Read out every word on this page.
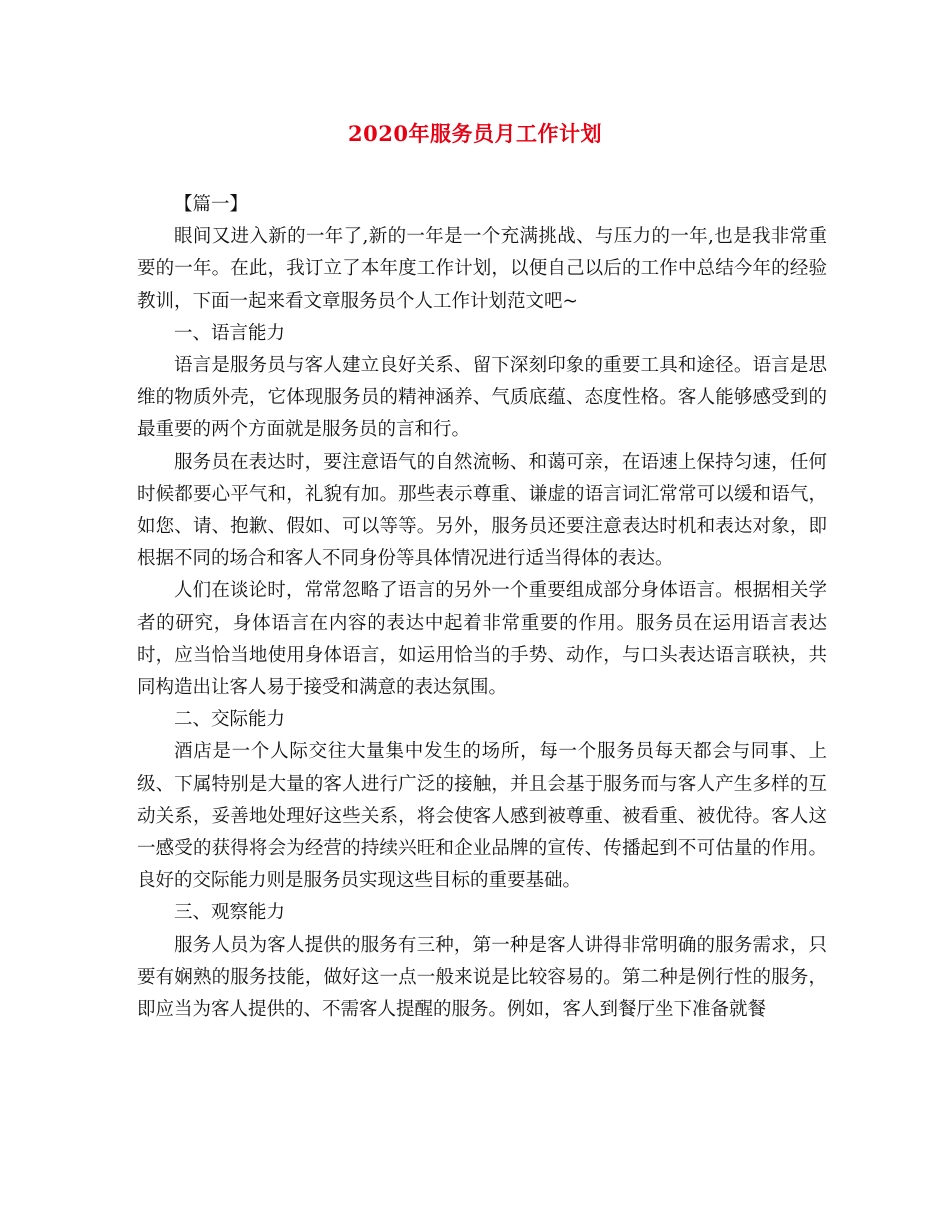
2020年服务员月工作计划

【篇一】

眼间又进入新的一年了,新的一年是一个充满挑战、与压力的一年,也是我非常重要的一年。在此，我订立了本年度工作计划，以便自己以后的工作中总结今年的经验教训，下面一起来看文章服务员个人工作计划范文吧~

一、语言能力

语言是服务员与客人建立良好关系、留下深刻印象的重要工具和途径。语言是思维的物质外壳，它体现服务员的精神涵养、气质底蕴、态度性格。客人能够感受到的最重要的两个方面就是服务员的言和行。

服务员在表达时，要注意语气的自然流畅、和蔼可亲，在语速上保持匀速，任何时候都要心平气和，礼貌有加。那些表示尊重、谦虚的语言词汇常常可以缓和语气，如您、请、抱歉、假如、可以等等。另外，服务员还要注意表达时机和表达对象，即根据不同的场合和客人不同身份等具体情况进行适当得体的表达。

人们在谈论时，常常忽略了语言的另外一个重要组成部分身体语言。根据相关学者的研究，身体语言在内容的表达中起着非常重要的作用。服务员在运用语言表达时，应当恰当地使用身体语言，如运用恰当的手势、动作，与口头表达语言联袂，共同构造出让客人易于接受和满意的表达氛围。

二、交际能力

酒店是一个人际交往大量集中发生的场所，每一个服务员每天都会与同事、上级、下属特别是大量的客人进行广泛的接触，并且会基于服务而与客人产生多样的互动关系，妥善地处理好这些关系，将会使客人感到被尊重、被看重、被优待。客人这一感受的获得将会为经营的持续兴旺和企业品牌的宣传、传播起到不可估量的作用。良好的交际能力则是服务员实现这些目标的重要基础。

三、观察能力

服务人员为客人提供的服务有三种，第一种是客人讲得非常明确的服务需求，只要有娴熟的服务技能，做好这一点一般来说是比较容易的。第二种是例行性的服务，即应当为客人提供的、不需客人提醒的服务。例如，客人到餐厅坐下准备就餐
